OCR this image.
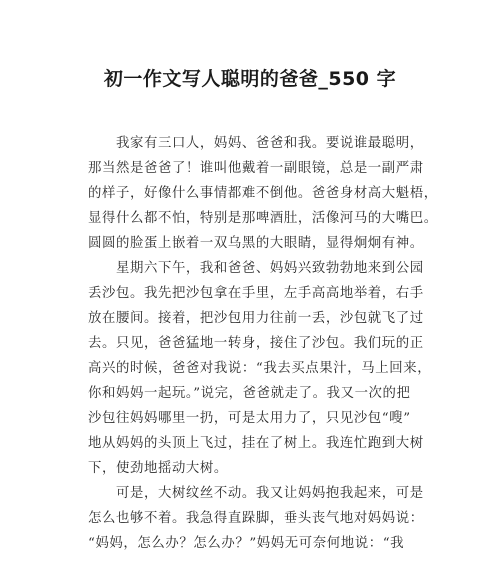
初一作文写人聪明的爸爸_550 字
　　我家有三口人，妈妈、爸爸和我。要说谁最聪明，
那当然是爸爸了！谁叫他戴着一副眼镜，总是一副严肃
的样子，好像什么事情都难不倒他。爸爸身材高大魁梧，
显得什么都不怕，特别是那啤酒肚，活像河马的大嘴巴。
圆圆的脸蛋上嵌着一双乌黑的大眼睛，显得炯炯有神。
　　星期六下午，我和爸爸、妈妈兴致勃勃地来到公园
丢沙包。我先把沙包拿在手里，左手高高地举着，右手
放在腰间。接着，把沙包用力往前一丢，沙包就飞了过
去。只见，爸爸猛地一转身，接住了沙包。我们玩的正
高兴的时候，爸爸对我说：“我去买点果汁，马上回来，
你和妈妈一起玩。”说完，爸爸就走了。我又一次的把
沙包往妈妈哪里一扔，可是太用力了，只见沙包“嗖”
地从妈妈的头顶上飞过，挂在了树上。我连忙跑到大树
下，使劲地摇动大树。
　　可是，大树纹丝不动。我又让妈妈抱我起来，可是
怎么也够不着。我急得直跺脚，垂头丧气地对妈妈说：
“妈妈，怎么办？怎么办？”妈妈无可奈何地说：“我
